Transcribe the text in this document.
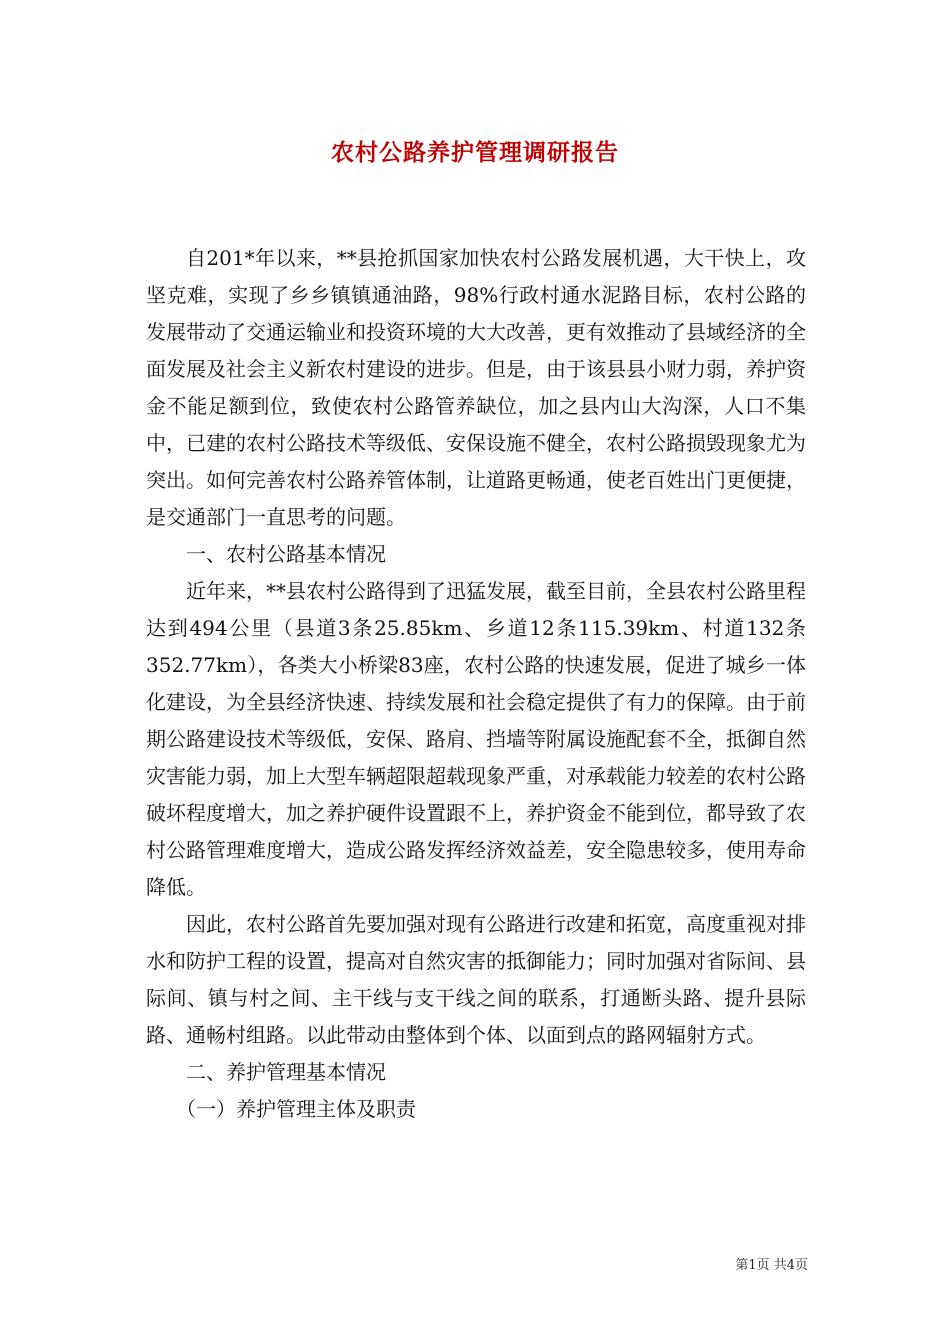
农村公路养护管理调研报告

自201*年以来，**县抢抓国家加快农村公路发展机遇，大干快上，攻坚克难，实现了乡乡镇镇通油路，98%行政村通水泥路目标，农村公路的发展带动了交通运输业和投资环境的大大改善，更有效推动了县域经济的全面发展及社会主义新农村建设的进步。但是，由于该县县小财力弱，养护资金不能足额到位，致使农村公路管养缺位，加之县内山大沟深，人口不集中，已建的农村公路技术等级低、安保设施不健全，农村公路损毁现象尤为突出。如何完善农村公路养管体制，让道路更畅通，使老百姓出门更便捷，是交通部门一直思考的问题。

一、农村公路基本情况

近年来，**县农村公路得到了迅猛发展，截至目前，全县农村公路里程达到494公里（县道3条25.85km、乡道12条115.39km、村道132条352.77km），各类大小桥梁83座，农村公路的快速发展，促进了城乡一体化建设，为全县经济快速、持续发展和社会稳定提供了有力的保障。由于前期公路建设技术等级低，安保、路肩、挡墙等附属设施配套不全，抵御自然灾害能力弱，加上大型车辆超限超载现象严重，对承载能力较差的农村公路破坏程度增大，加之养护硬件设置跟不上，养护资金不能到位，都导致了农村公路管理难度增大，造成公路发挥经济效益差，安全隐患较多，使用寿命降低。

因此，农村公路首先要加强对现有公路进行改建和拓宽，高度重视对排水和防护工程的设置，提高对自然灾害的抵御能力；同时加强对省际间、县际间、镇与村之间、主干线与支干线之间的联系，打通断头路、提升县际路、通畅村组路。以此带动由整体到个体、以面到点的路网辐射方式。

二、养护管理基本情况

（一）养护管理主体及职责

第1页 共4页
